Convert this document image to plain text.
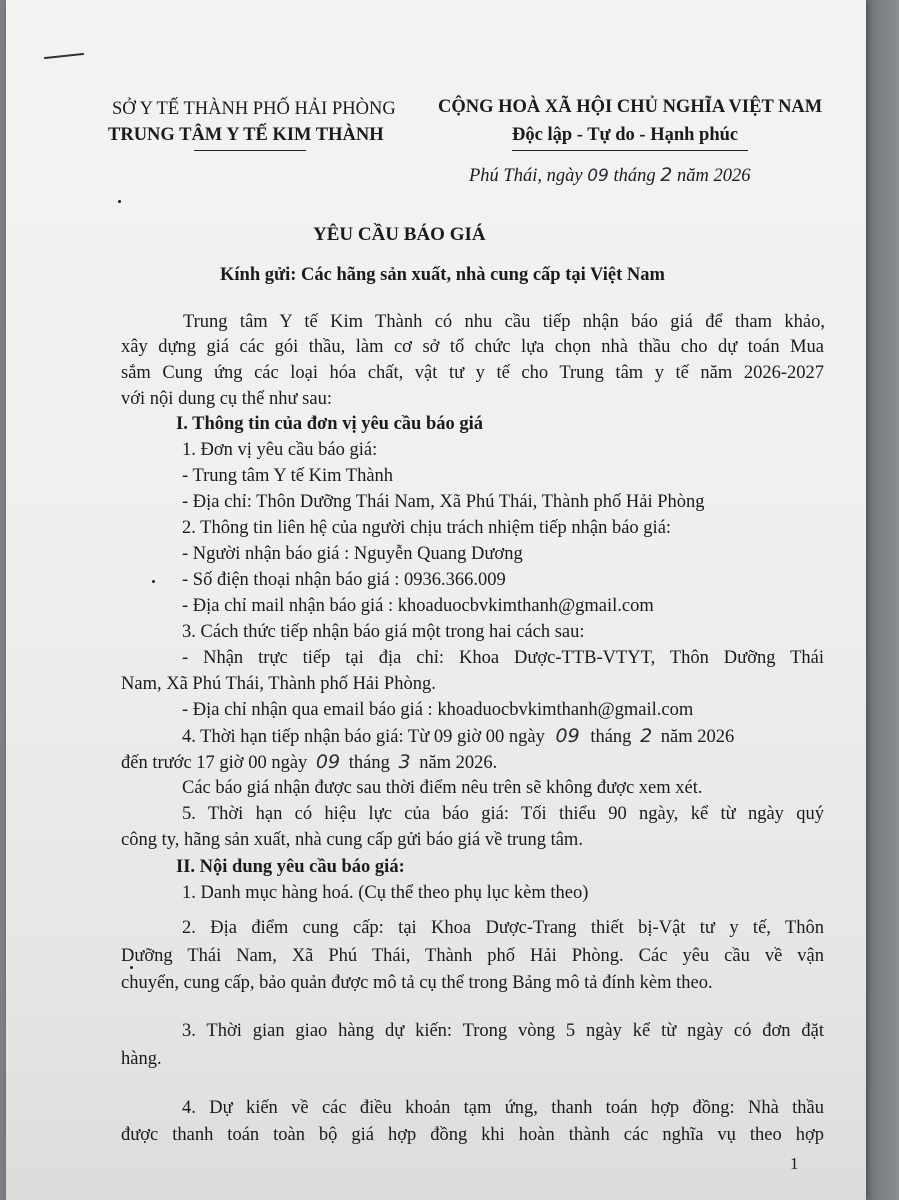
SỞ Y TẾ THÀNH PHỐ HẢI PHÒNG
TRUNG TÂM Y TẾ KIM THÀNH
CỘNG HOÀ XÃ HỘI CHỦ NGHĨA VIỆT NAM
Độc lập - Tự do - Hạnh phúc
Phú Thái, ngày 09 tháng 2 năm 2026
YÊU CẦU BÁO GIÁ
Kính gửi: Các hãng sản xuất, nhà cung cấp tại Việt Nam
Trung tâm Y tế Kim Thành có nhu cầu tiếp nhận báo giá để tham khảo,
xây dựng giá các gói thầu, làm cơ sở tổ chức lựa chọn nhà thầu cho dự toán Mua
sắm Cung ứng các loại hóa chất, vật tư y tế cho Trung tâm y tế năm 2026-2027
với nội dung cụ thể như sau:
I. Thông tin của đơn vị yêu cầu báo giá
1. Đơn vị yêu cầu báo giá:
- Trung tâm Y tế Kim Thành
- Địa chỉ: Thôn Dưỡng Thái Nam, Xã Phú Thái, Thành phố Hải Phòng
2. Thông tin liên hệ của người chịu trách nhiệm tiếp nhận báo giá:
- Người nhận báo giá : Nguyễn Quang Dương
- Số điện thoại nhận báo giá : 0936.366.009
- Địa chỉ mail nhận báo giá : khoaduocbvkimthanh@gmail.com
3. Cách thức tiếp nhận báo giá một trong hai cách sau:
- Nhận trực tiếp tại địa chỉ: Khoa Dược-TTB-VTYT, Thôn Dưỡng Thái
Nam, Xã Phú Thái, Thành phố Hải Phòng.
- Địa chỉ nhận qua email báo giá : khoaduocbvkimthanh@gmail.com
4. Thời hạn tiếp nhận báo giá: Từ 09 giờ 00 ngày 09 tháng 2 năm 2026
đến trước 17 giờ 00 ngày 09 tháng 3 năm 2026.
Các báo giá nhận được sau thời điểm nêu trên sẽ không được xem xét.
5. Thời hạn có hiệu lực của báo giá: Tối thiểu 90 ngày, kể từ ngày quý
công ty, hãng sản xuất, nhà cung cấp gửi báo giá về trung tâm.
II. Nội dung yêu cầu báo giá:
1. Danh mục hàng hoá. (Cụ thể theo phụ lục kèm theo)
2. Địa điểm cung cấp: tại Khoa Dược-Trang thiết bị-Vật tư y tế, Thôn
Dưỡng Thái Nam, Xã Phú Thái, Thành phố Hải Phòng. Các yêu cầu về vận
chuyển, cung cấp, bảo quản được mô tả cụ thể trong Bảng mô tả đính kèm theo.
3. Thời gian giao hàng dự kiến: Trong vòng 5 ngày kể từ ngày có đơn đặt
hàng.
4. Dự kiến về các điều khoản tạm ứng, thanh toán hợp đồng: Nhà thầu
được thanh toán toàn bộ giá hợp đồng khi hoàn thành các nghĩa vụ theo hợp
1
